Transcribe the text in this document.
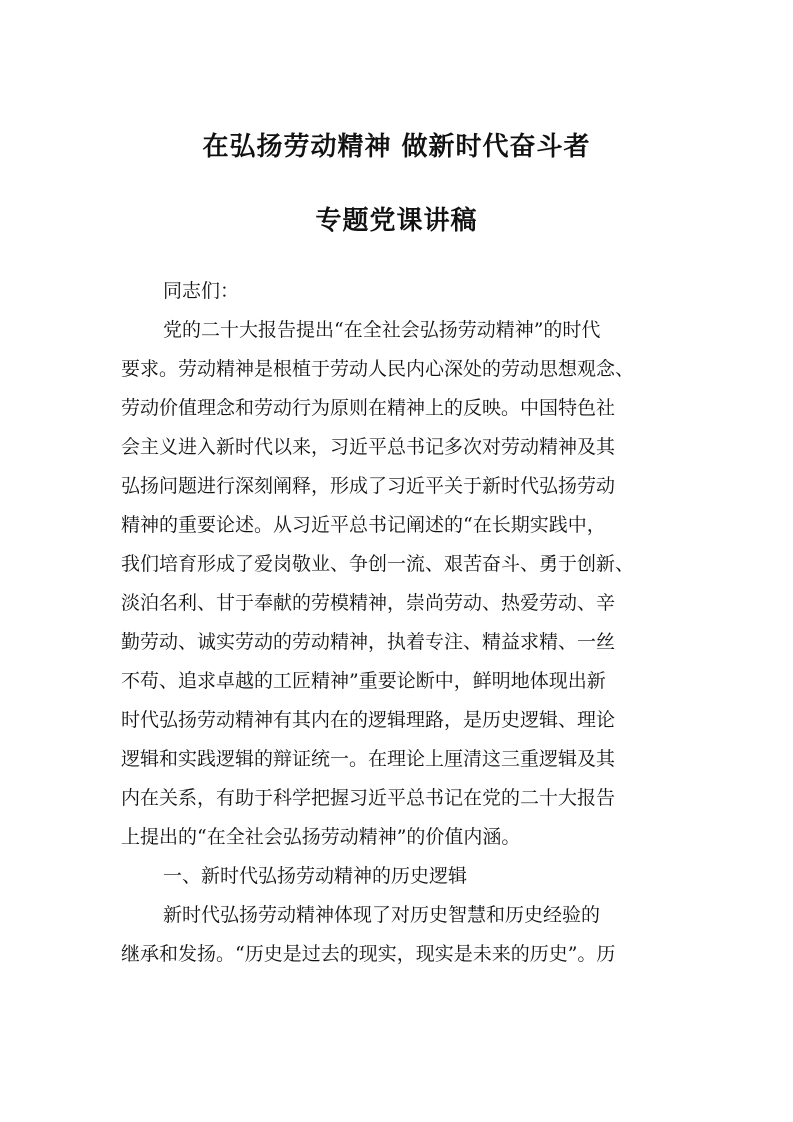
在弘扬劳动精神 做新时代奋斗者
专题党课讲稿
同志们：
党的二十大报告提出“在全社会弘扬劳动精神”的时代
要求。劳动精神是根植于劳动人民内心深处的劳动思想观念、
劳动价值理念和劳动行为原则在精神上的反映。中国特色社
会主义进入新时代以来，习近平总书记多次对劳动精神及其
弘扬问题进行深刻阐释，形成了习近平关于新时代弘扬劳动
精神的重要论述。从习近平总书记阐述的“在长期实践中，
我们培育形成了爱岗敬业、争创一流、艰苦奋斗、勇于创新、
淡泊名利、甘于奉献的劳模精神，崇尚劳动、热爱劳动、辛
勤劳动、诚实劳动的劳动精神，执着专注、精益求精、一丝
不苟、追求卓越的工匠精神”重要论断中，鲜明地体现出新
时代弘扬劳动精神有其内在的逻辑理路，是历史逻辑、理论
逻辑和实践逻辑的辩证统一。在理论上厘清这三重逻辑及其
内在关系，有助于科学把握习近平总书记在党的二十大报告
上提出的“在全社会弘扬劳动精神”的价值内涵。
一、新时代弘扬劳动精神的历史逻辑
新时代弘扬劳动精神体现了对历史智慧和历史经验的
继承和发扬。“历史是过去的现实，现实是未来的历史”。历
